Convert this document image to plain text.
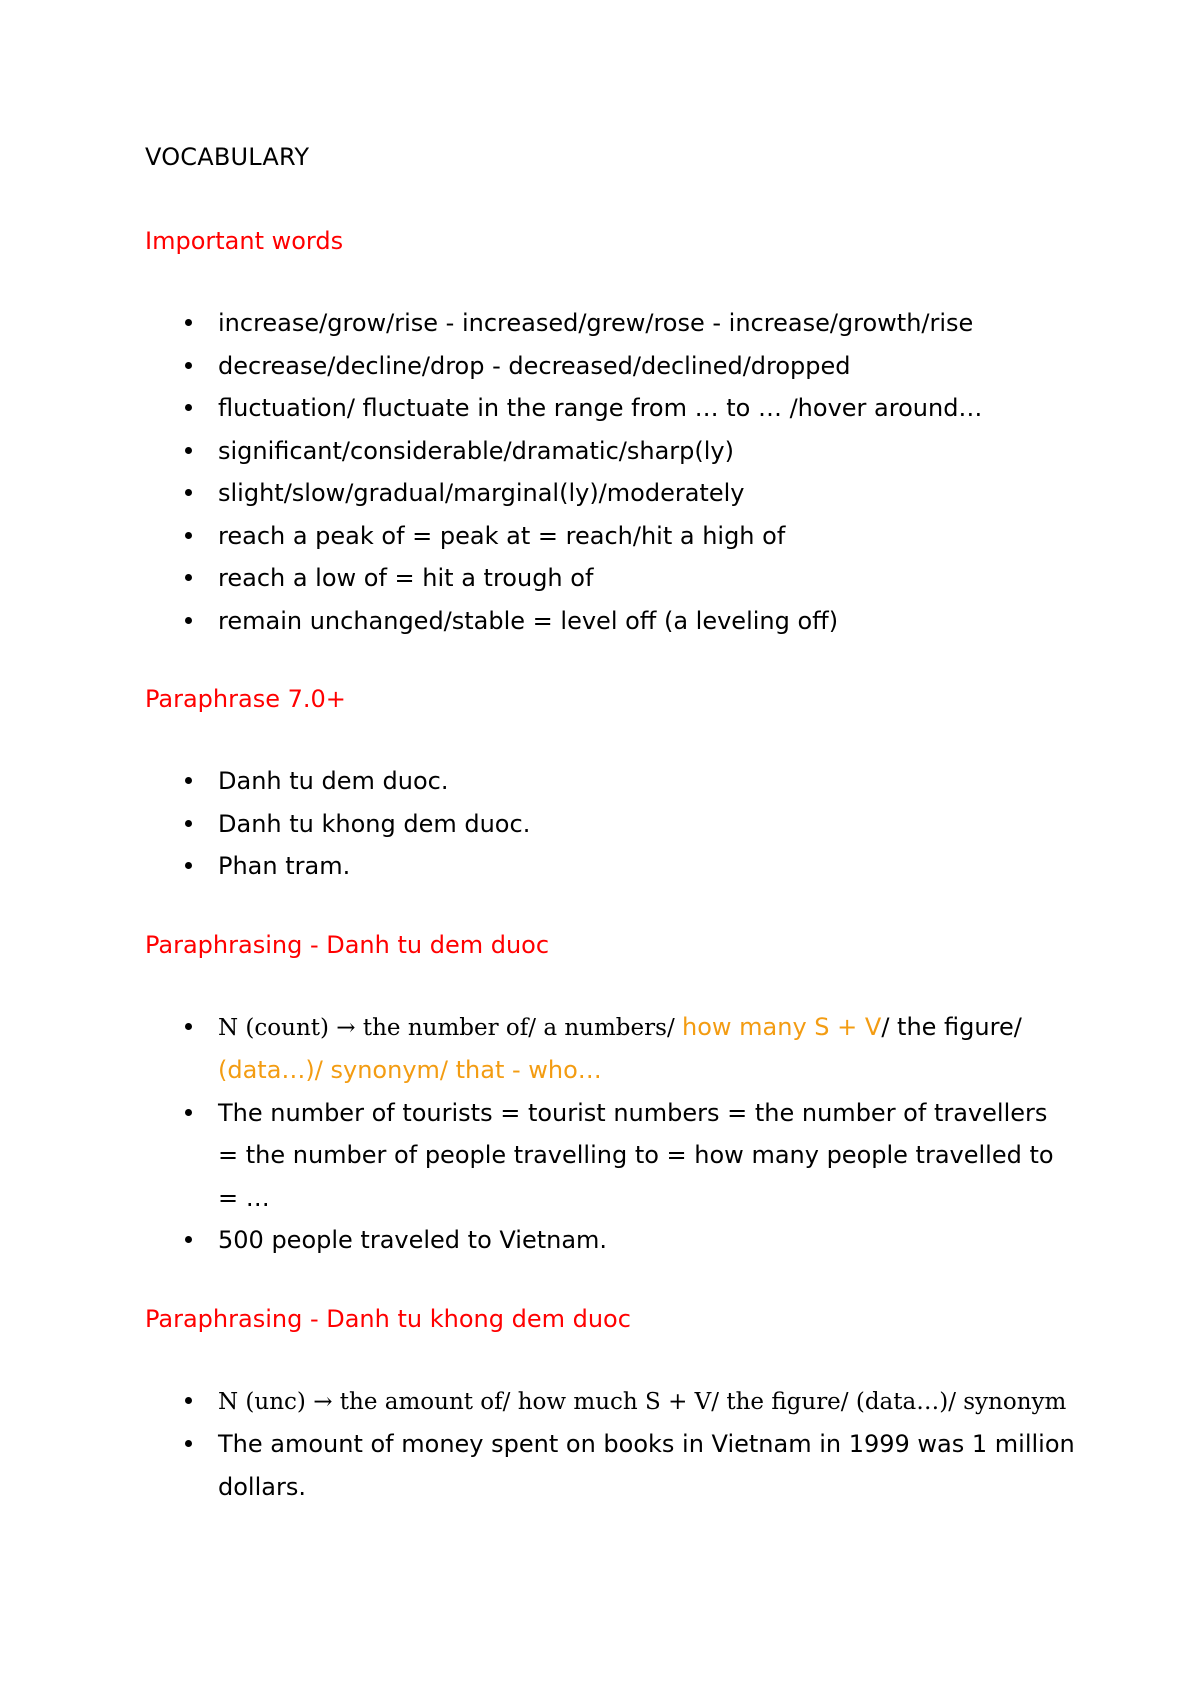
VOCABULARY
Important words
increase/grow/rise - increased/grew/rose - increase/growth/rise
decrease/decline/drop - decreased/declined/dropped
fluctuation/ fluctuate in the range from … to … /hover around…
significant/considerable/dramatic/sharp(ly)
slight/slow/gradual/marginal(ly)/moderately
reach a peak of = peak at = reach/hit a high of
reach a low of = hit a trough of
remain unchanged/stable = level off (a leveling off)
Paraphrase 7.0+
Danh tu dem duoc.
Danh tu khong dem duoc.
Phan tram.
Paraphrasing - Danh tu dem duoc
N (count) → the number of/ a numbers/ how many S + V/ the figure/ (data…)/ synonym/ that - who…
The number of tourists = tourist numbers = the number of travellers = the number of people travelling to = how many people travelled to = …
500 people traveled to Vietnam.
Paraphrasing - Danh tu khong dem duoc
N (unc) → the amount of/ how much S + V/ the figure/ (data…)/ synonym
The amount of money spent on books in Vietnam in 1999 was 1 million dollars.
